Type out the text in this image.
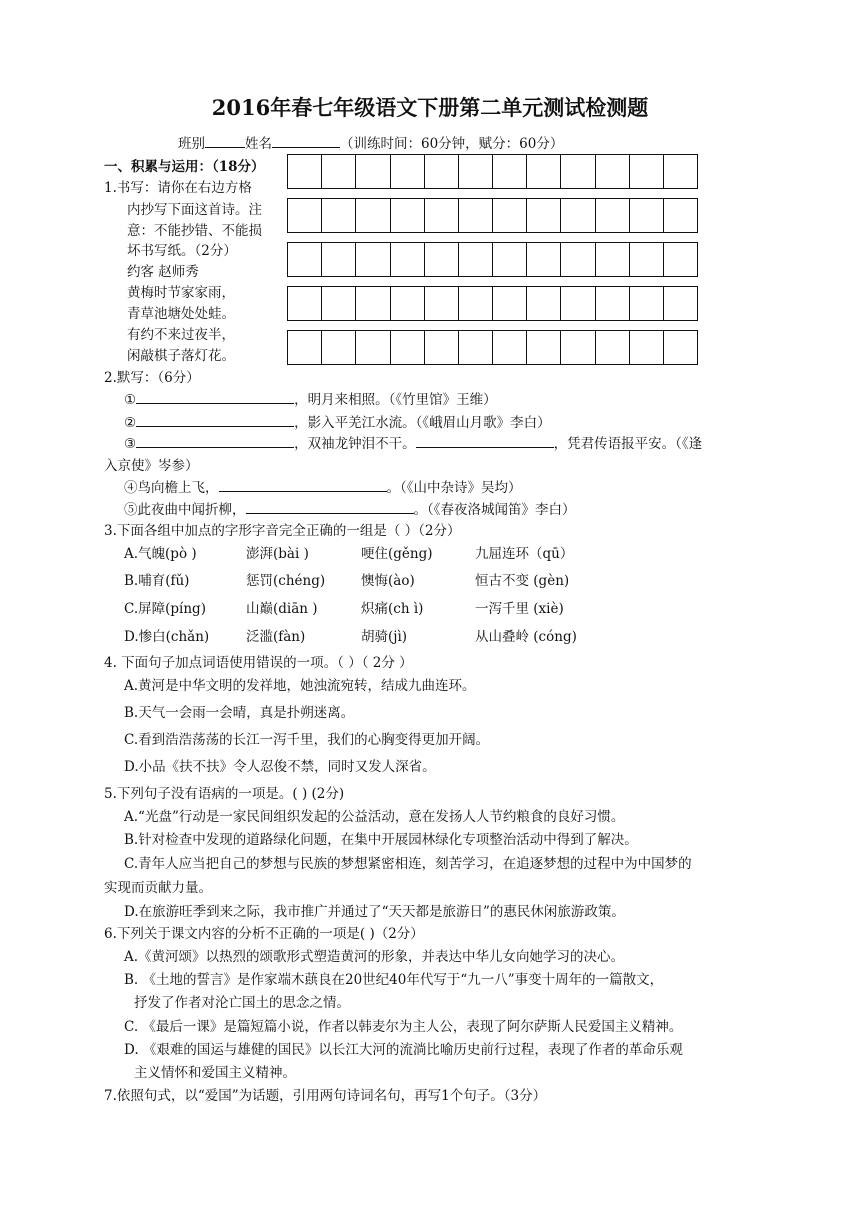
2016年春七年级语文下册第二单元测试检测题
班别	姓名	（训练时间：60分钟，赋分：60分）
一、积累与运用：（18分）
1.书写：请你在右边方格
内抄写下面这首诗。注
意：不能抄错、不能损
坏书写纸。（2分）
约客 赵师秀
黄梅时节家家雨，
青草池塘处处蛙。
有约不来过夜半，
闲敲棋子落灯花。
2.默写：（6分）
①	，明月来相照。（《竹里馆》王维）
②	，影入平羌江水流。（《峨眉山月歌》李白）
③	，双袖龙钟泪不干。	，凭君传语报平安。（《逢
入京使》岑参）
④鸟向檐上飞，	。（《山中杂诗》吴均）
⑤此夜曲中闻折柳，	。（《春夜洛城闻笛》李白）
3.下面各组中加点的字形字音完全正确的一组是（ ）（2分）
A.气魄(pò )	澎湃(bài )	哽住(gěng)	九屈连环（qū）
B.哺育(fǔ)	惩罚(chéng)	懊悔(ào)	恒古不变 (gèn)
C.屏障(píng)	山巅(diān )	炽痛(ch ì)	一泻千里 (xiè)
D.惨白(chǎn)	泛滥(fàn)	胡骑(jì)	从山叠岭 (cóng)
4. 下面句子加点词语使用错误的一项。（ ）（ 2分 ）
A.黄河是中华文明的发祥地，她浊流宛转，结成九曲连环。
B.天气一会雨一会晴，真是扑朔迷离。
C.看到浩浩荡荡的长江一泻千里，我们的心胸变得更加开阔。
D.小品《扶不扶》令人忍俊不禁，同时又发人深省。
5.下列句子没有语病的一项是。( ) (2分)
A.“光盘”行动是一家民间组织发起的公益活动，意在发扬人人节约粮食的良好习惯。
B.针对检查中发现的道路绿化问题，在集中开展园林绿化专项整治活动中得到了解决。
C.青年人应当把自己的梦想与民族的梦想紧密相连，刻苦学习，在追逐梦想的过程中为中国梦的
实现而贡献力量。
D.在旅游旺季到来之际，我市推广并通过了“天天都是旅游日”的惠民休闲旅游政策。
6.下列关于课文内容的分析不正确的一项是( )（2分）
A.《黄河颂》以热烈的颂歌形式塑造黄河的形象，并表达中华儿女向她学习的决心。
B. 《土地的誓言》是作家端木蕻良在20世纪40年代写于“九一八”事变十周年的一篇散文，
抒发了作者对沦亡国土的思念之情。
C. 《最后一课》是篇短篇小说，作者以韩麦尔为主人公，表现了阿尔萨斯人民爱国主义精神。
D. 《艰难的国运与雄健的国民》以长江大河的流淌比喻历史前行过程，表现了作者的革命乐观
主义情怀和爱国主义精神。
7.依照句式，以“爱国”为话题，引用两句诗词名句，再写1个句子。（3分）
